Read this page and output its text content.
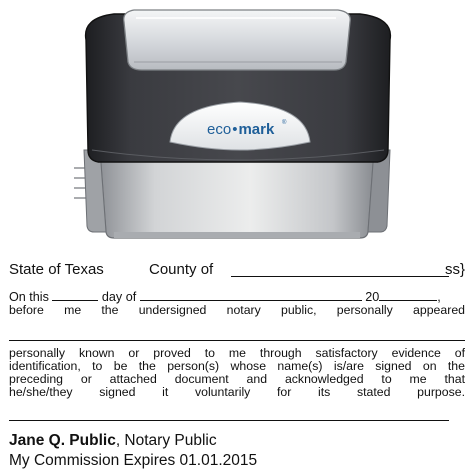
eco•mark ®
State of Texas	County of	ss}
On this	day of	20	,
before me the undersigned notary public, personally appeared
personally known or proved to me through satisfactory evidence of
identification, to be the person(s) whose name(s) is/are signed on the
preceding or attached document and acknowledged to me that
he/she/they signed it voluntarily for its stated purpose.
Jane Q. Public, Notary Public
My Commission Expires 01.01.2015
